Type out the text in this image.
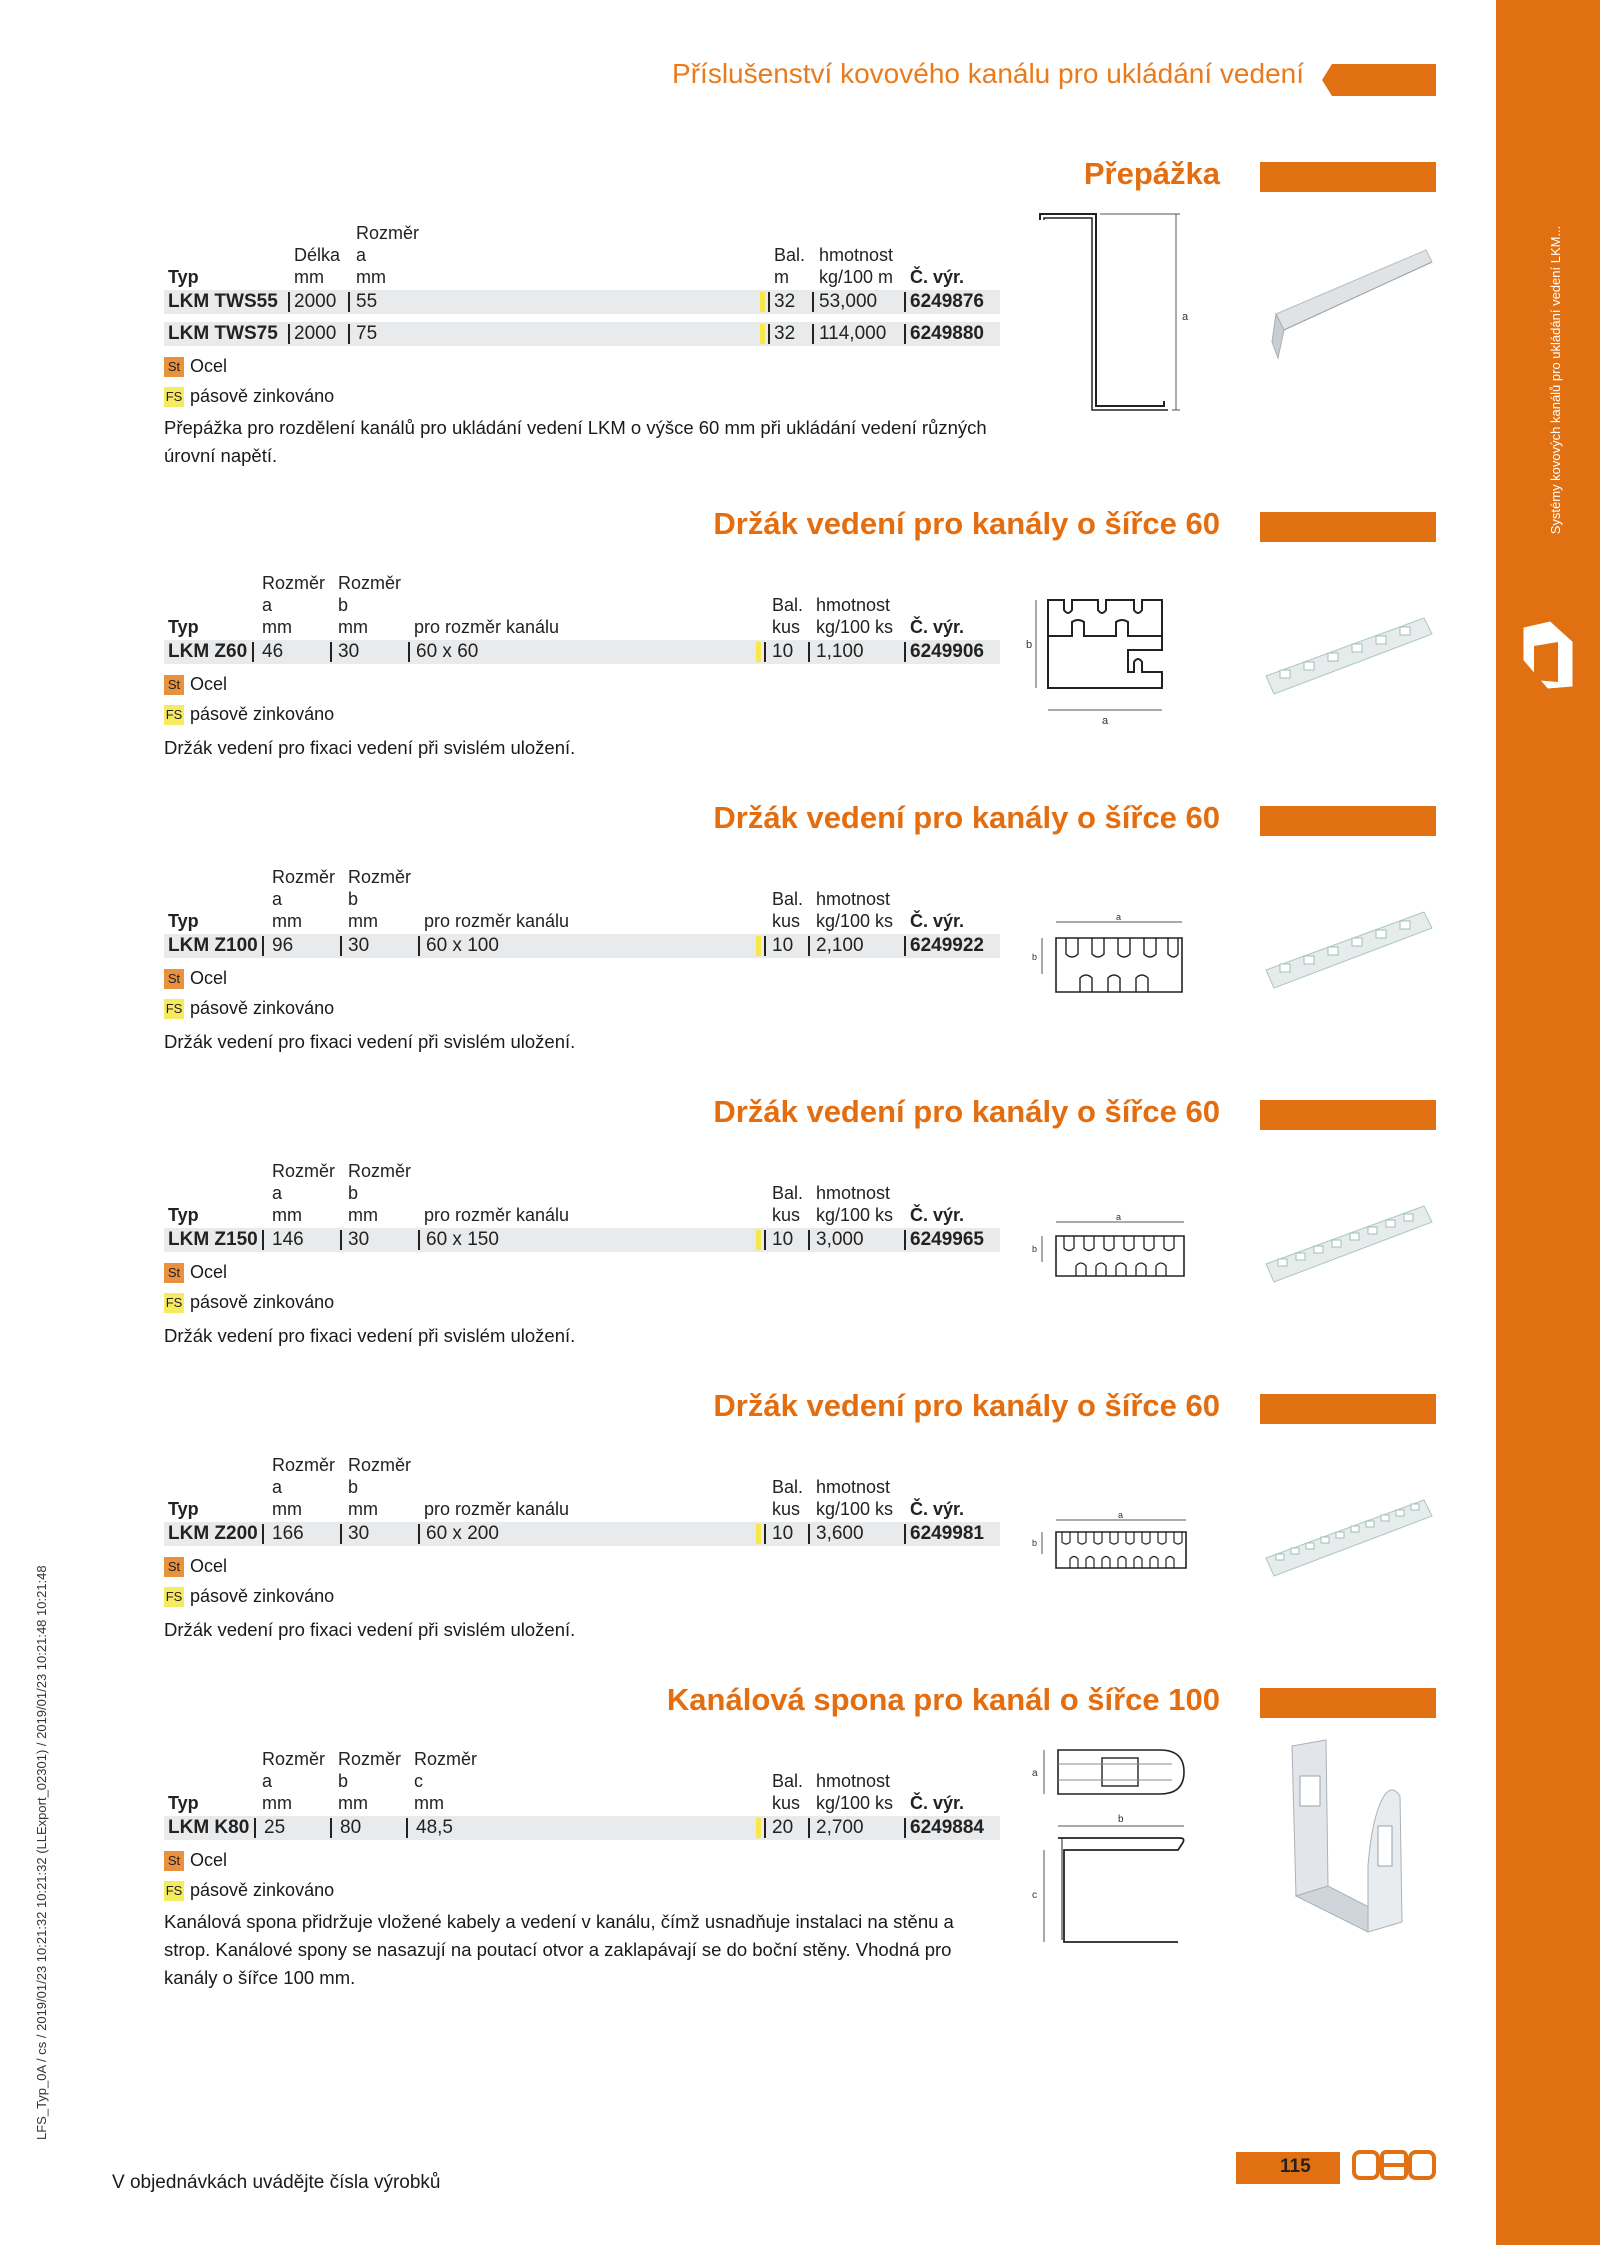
Systémy kovových kanálů pro ukládání vedení LKM...
Příslušenství kovového kanálu pro ukládání vedení
LFS_Typ_0A / cs / 2019/01/23 10:21:32 10:21:32 (LLExport_02301) / 2019/01/23 10:21:48 10:21:48
Přepážka
Rozměr
Délka a	Bal. hmotnost
Typ	mm mm	m kg/100 m Č. výr.
LKM TWS55 2000 55	32 53,000 6249876
LKM TWS75 2000 75	32 114,000 6249880
St Ocel
FS pásově zinkováno
Přepážka pro rozdělení kanálů pro ukládání vedení LKM o výšce 60 mm při ukládání vedení různých úrovní napětí.
a
Držák vedení pro kanály o šířce 60
Rozměr Rozměr
a	b	Bal. hmotnost
Typ	mm	mm	pro rozměr kanálu	kus kg/100 ks Č. výr.
LKM Z60 46	30	60 x 60	10 1,100 6249906
St Ocel
FS pásově zinkováno
Držák vedení pro fixaci vedení při svislém uložení.
b
a
Držák vedení pro kanály o šířce 60
Rozměr Rozměr
a	b	Bal. hmotnost
Typ	mm	mm	pro rozměr kanálu	kus kg/100 ks Č. výr.
LKM Z100 96	30	60 x 100	10 2,100 6249922
St Ocel
FS pásově zinkováno
Držák vedení pro fixaci vedení při svislém uložení.
a
b
Držák vedení pro kanály o šířce 60
Rozměr Rozměr
a	b	Bal. hmotnost
Typ	mm	mm	pro rozměr kanálu	kus kg/100 ks Č. výr.
LKM Z150 146 30	60 x 150	10 3,000 6249965
St Ocel
FS pásově zinkováno
Držák vedení pro fixaci vedení při svislém uložení.
a
b
Držák vedení pro kanály o šířce 60
Rozměr Rozměr
a	b	Bal. hmotnost
Typ	mm	mm	pro rozměr kanálu	kus kg/100 ks Č. výr.
LKM Z200 166 30	60 x 200	10 3,600 6249981
St Ocel
FS pásově zinkováno
Držák vedení pro fixaci vedení při svislém uložení.
a
b
Kanálová spona pro kanál o šířce 100
Rozměr Rozměr Rozměr
a	b	c	Bal. hmotnost
Typ	mm	mm	mm	kus kg/100 ks Č. výr.
LKM K80 25	80	48,5	20 2,700 6249884
St Ocel
FS pásově zinkováno
Kanálová spona přidržuje vložené kabely a vedení v kanálu, čímž usnadňuje instalaci na stěnu a strop. Kanálové spony se nasazují na poutací otvor a zaklapávají se do boční stěny. Vhodná pro kanály o šířce 100 mm.
a
b
c
V objednávkách uvádějte čísla výrobků
115
